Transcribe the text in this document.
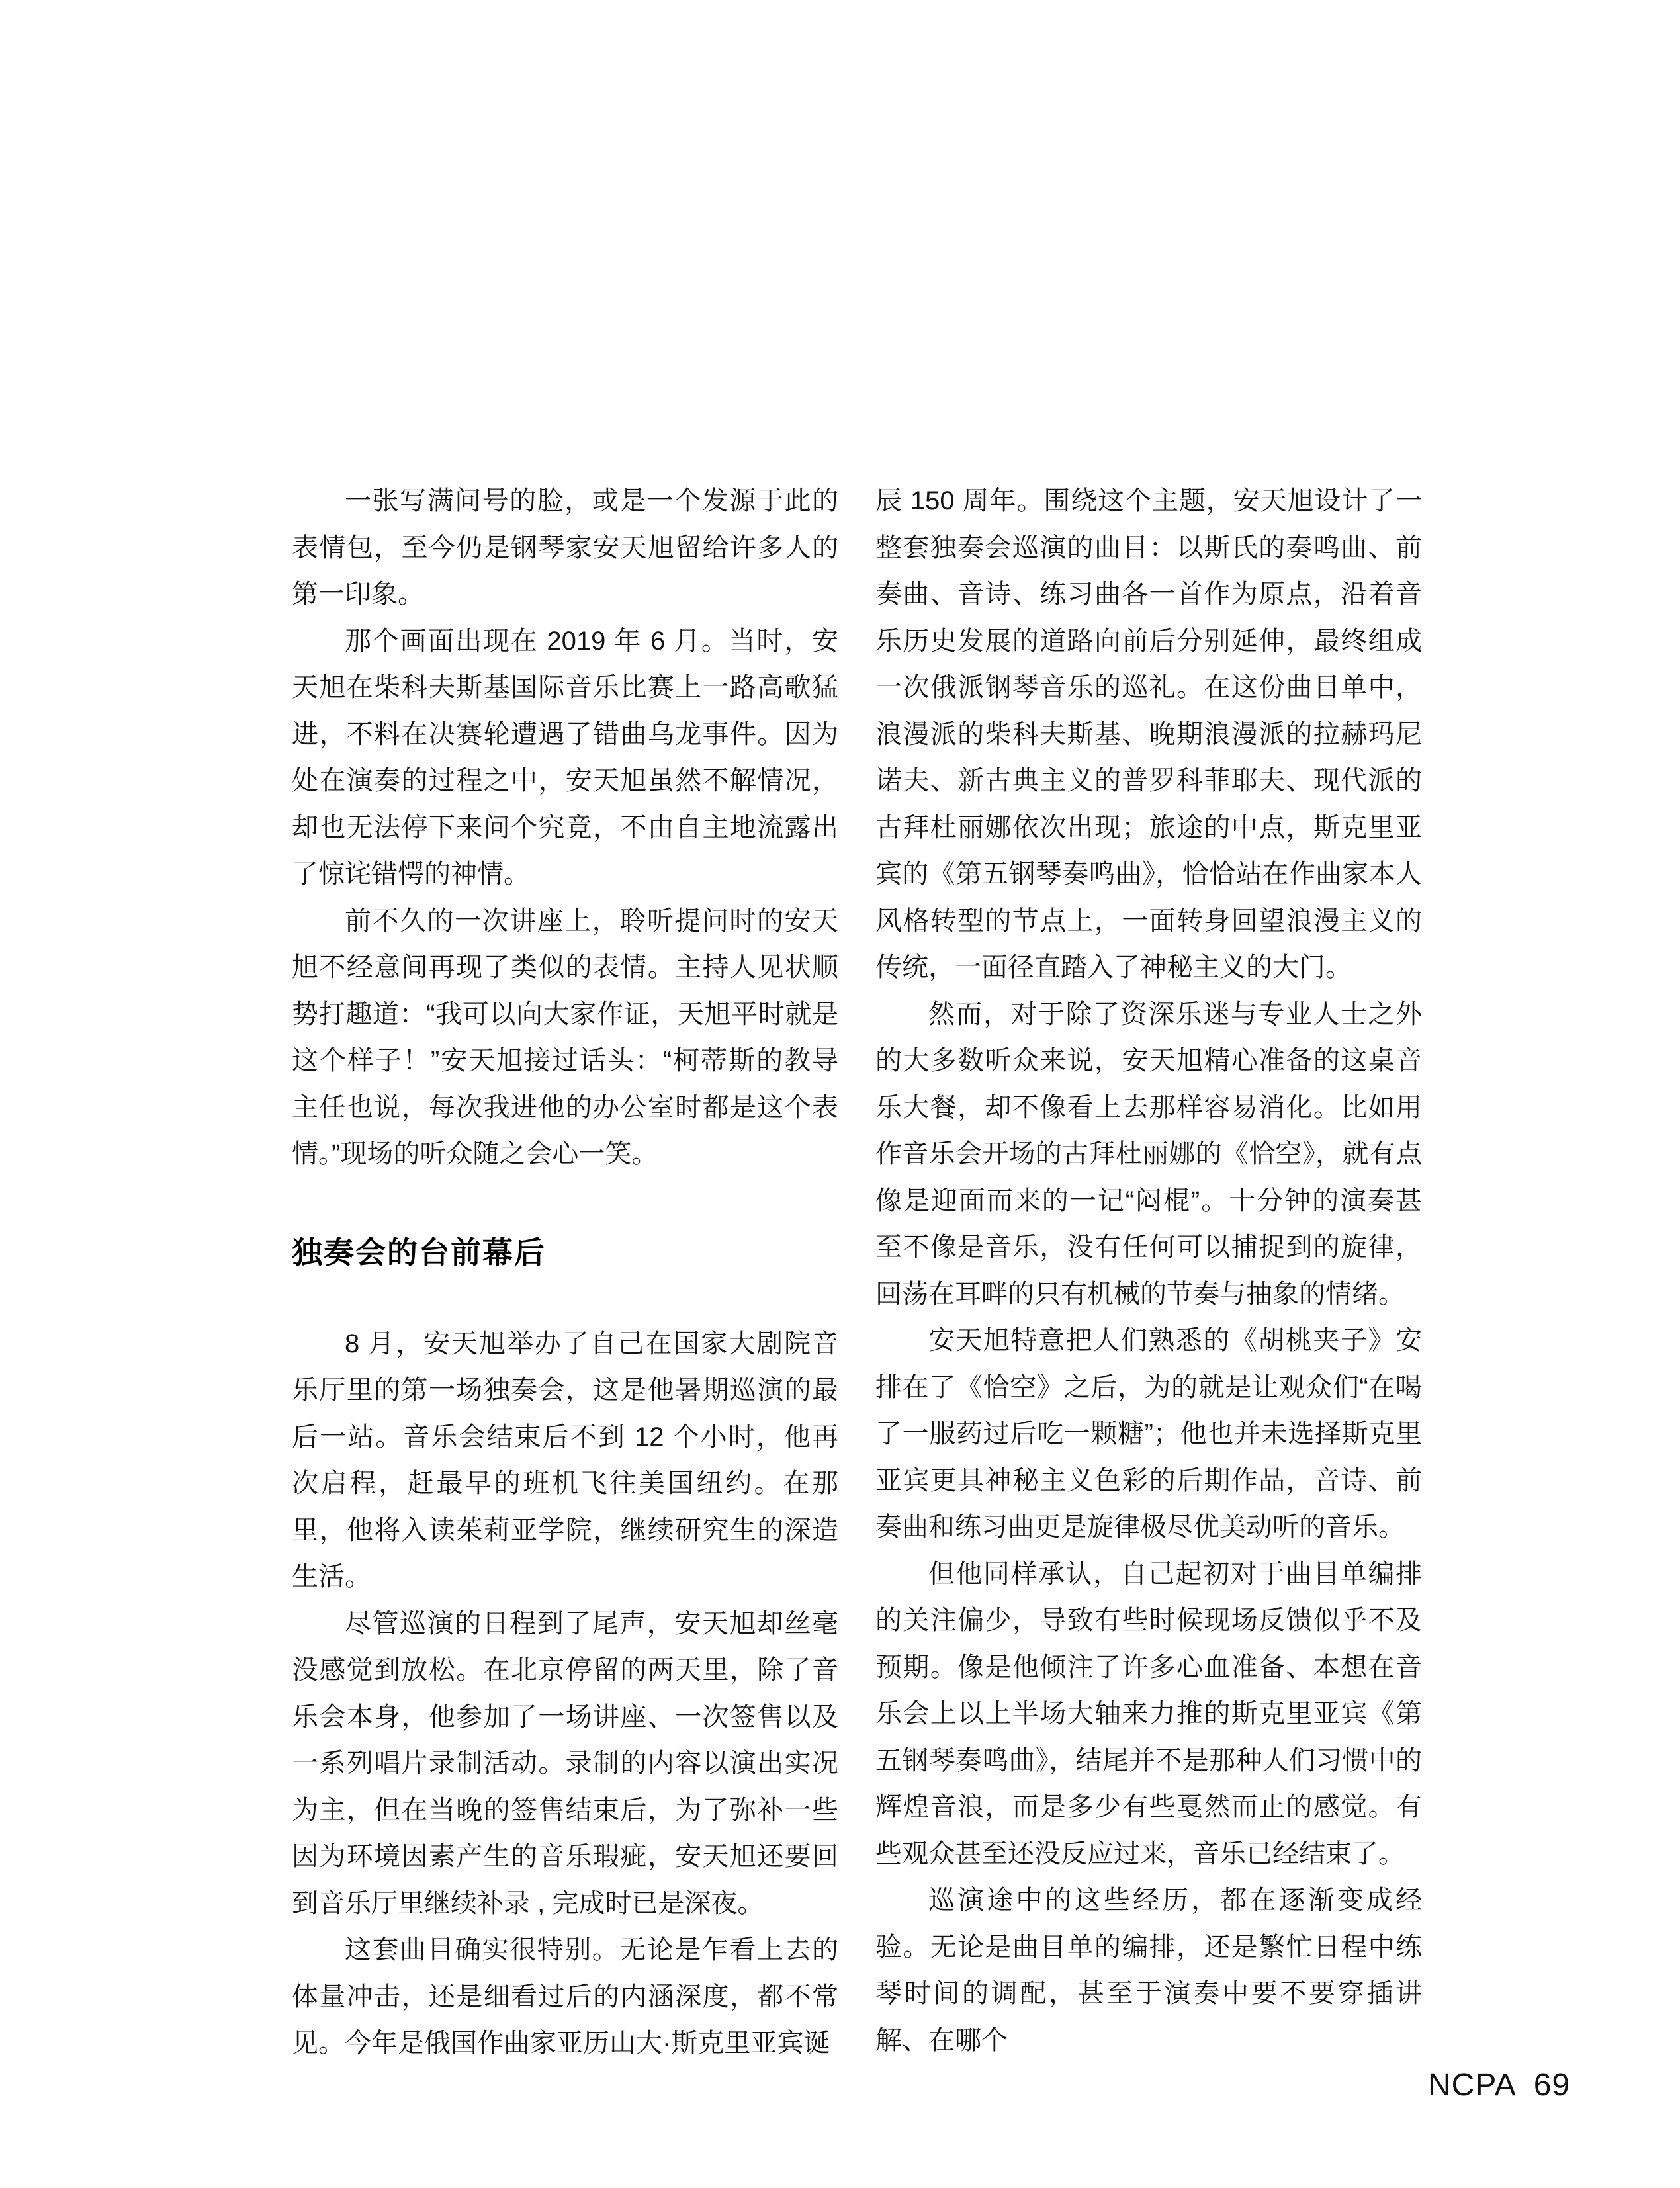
一张写满问号的脸，或是一个发源于此的表情包，至今仍是钢琴家安天旭留给许多人的第一印象。

那个画面出现在 2019 年 6 月。当时，安天旭在柴科夫斯基国际音乐比赛上一路高歌猛进，不料在决赛轮遭遇了错曲乌龙事件。因为处在演奏的过程之中，安天旭虽然不解情况，却也无法停下来问个究竟，不由自主地流露出了惊诧错愕的神情。

前不久的一次讲座上，聆听提问时的安天旭不经意间再现了类似的表情。主持人见状顺势打趣道：“我可以向大家作证，天旭平时就是这个样子！”安天旭接过话头：“柯蒂斯的教导主任也说，每次我进他的办公室时都是这个表情。”现场的听众随之会心一笑。

独奏会的台前幕后

8 月，安天旭举办了自己在国家大剧院音乐厅里的第一场独奏会，这是他暑期巡演的最后一站。音乐会结束后不到 12 个小时，他再次启程，赶最早的班机飞往美国纽约。在那里，他将入读茱莉亚学院，继续研究生的深造生活。

尽管巡演的日程到了尾声，安天旭却丝毫没感觉到放松。在北京停留的两天里，除了音乐会本身，他参加了一场讲座、一次签售以及一系列唱片录制活动。录制的内容以演出实况为主，但在当晚的签售结束后，为了弥补一些因为环境因素产生的音乐瑕疵，安天旭还要回到音乐厅里继续补录 , 完成时已是深夜。

这套曲目确实很特别。无论是乍看上去的体量冲击，还是细看过后的内涵深度，都不常见。今年是俄国作曲家亚历山大·斯克里亚宾诞

辰 150 周年。围绕这个主题，安天旭设计了一整套独奏会巡演的曲目：以斯氏的奏鸣曲、前奏曲、音诗、练习曲各一首作为原点，沿着音乐历史发展的道路向前后分别延伸，最终组成一次俄派钢琴音乐的巡礼。在这份曲目单中，浪漫派的柴科夫斯基、晚期浪漫派的拉赫玛尼诺夫、新古典主义的普罗科菲耶夫、现代派的古拜杜丽娜依次出现；旅途的中点，斯克里亚宾的《第五钢琴奏鸣曲》，恰恰站在作曲家本人风格转型的节点上，一面转身回望浪漫主义的传统，一面径直踏入了神秘主义的大门。

然而，对于除了资深乐迷与专业人士之外的大多数听众来说，安天旭精心准备的这桌音乐大餐，却不像看上去那样容易消化。比如用作音乐会开场的古拜杜丽娜的《恰空》，就有点像是迎面而来的一记“闷棍”。十分钟的演奏甚至不像是音乐，没有任何可以捕捉到的旋律，回荡在耳畔的只有机械的节奏与抽象的情绪。

安天旭特意把人们熟悉的《胡桃夹子》安排在了《恰空》之后，为的就是让观众们“在喝了一服药过后吃一颗糖”；他也并未选择斯克里亚宾更具神秘主义色彩的后期作品，音诗、前奏曲和练习曲更是旋律极尽优美动听的音乐。

但他同样承认，自己起初对于曲目单编排的关注偏少，导致有些时候现场反馈似乎不及预期。像是他倾注了许多心血准备、本想在音乐会上以上半场大轴来力推的斯克里亚宾《第五钢琴奏鸣曲》，结尾并不是那种人们习惯中的辉煌音浪，而是多少有些戛然而止的感觉。有些观众甚至还没反应过来，音乐已经结束了。

巡演途中的这些经历，都在逐渐变成经验。无论是曲目单的编排，还是繁忙日程中练琴时间的调配，甚至于演奏中要不要穿插讲解、在哪个

NCPA 69
